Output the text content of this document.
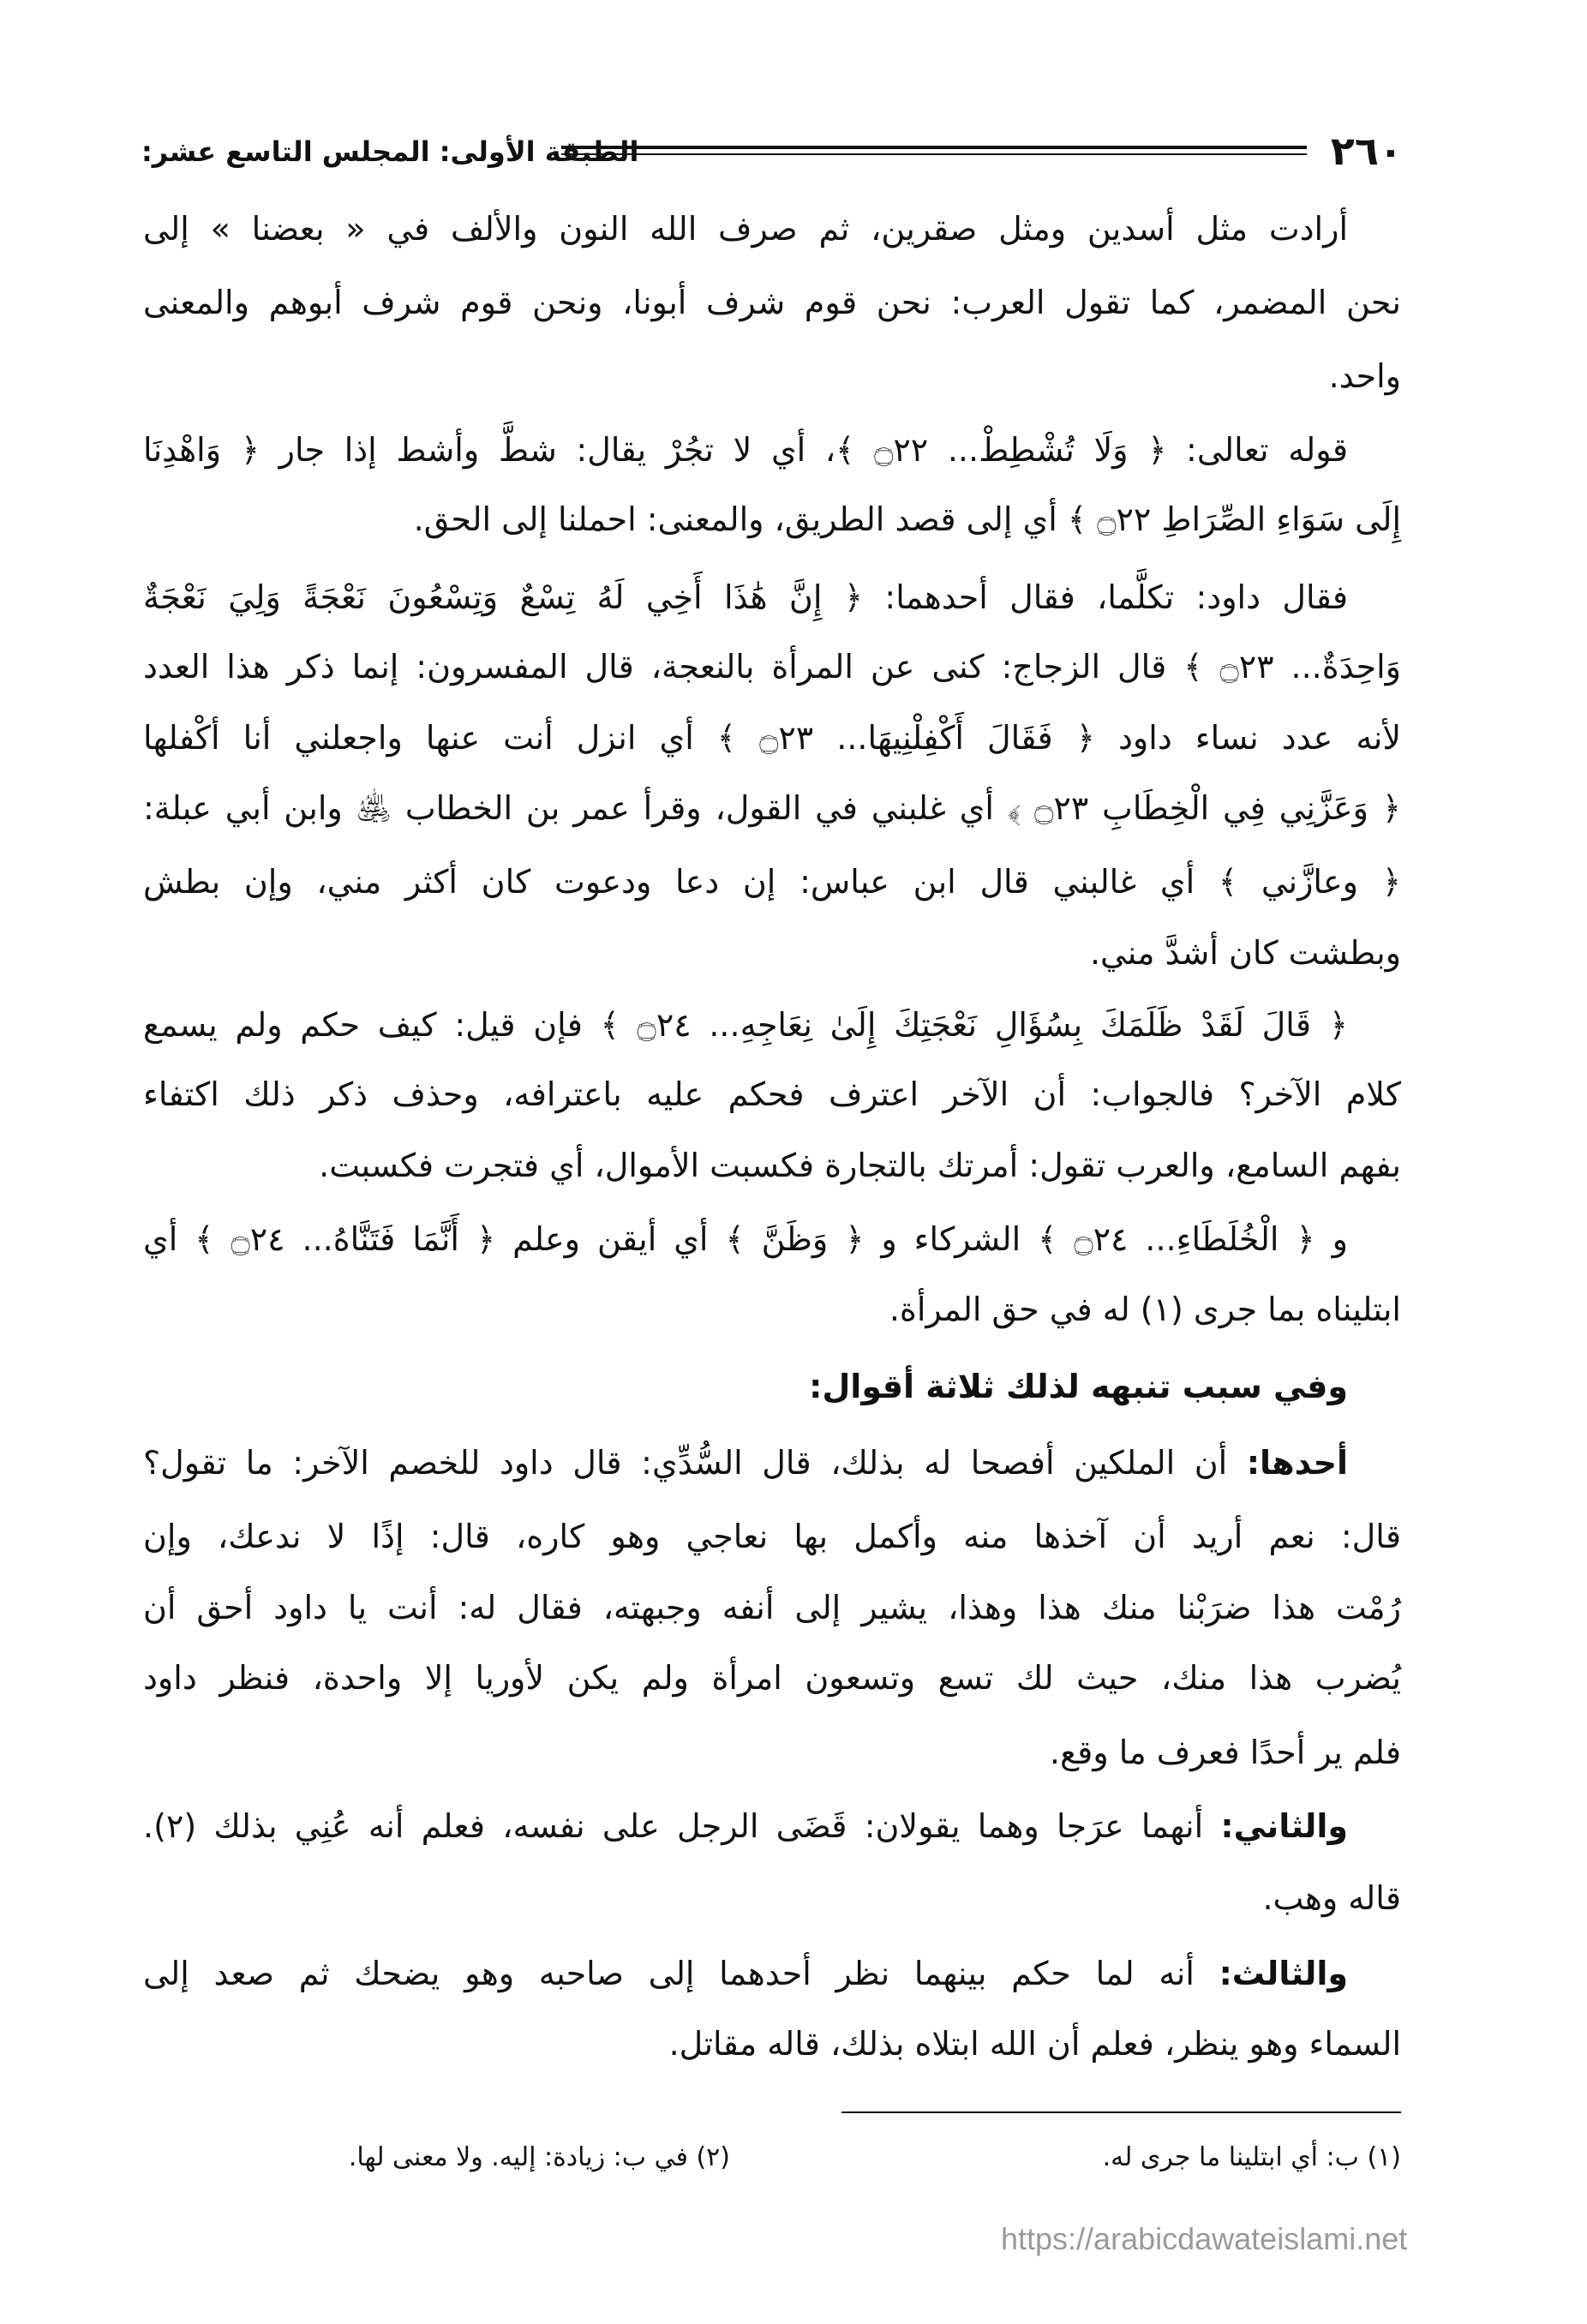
٢٦٠
الطبقة الأولى: المجلس التاسع عشر:
أرادت مثل أسدين ومثل صقرين، ثم صرف الله النون والألف في « بعضنا » إلى
نحن المضمر، كما تقول العرب: نحن قوم شرف أبونا، ونحن قوم شرف أبوهم والمعنى
واحد.
قوله تعالى: ﴿ وَلَا تُشْطِطْ... ۝٢٢ ﴾، أي لا تجُرْ يقال: شطَّ وأشط إذا جار ﴿ وَاهْدِنَا
إِلَى سَوَاءِ الصِّرَاطِ ۝٢٢ ﴾ أي إلى قصد الطريق، والمعنى: احملنا إلى الحق.
فقال داود: تكلَّما، فقال أحدهما: ﴿ إِنَّ هَٰذَا أَخِي لَهُ تِسْعٌ وَتِسْعُونَ نَعْجَةً وَلِيَ نَعْجَةٌ
وَاحِدَةٌ... ۝٢٣ ﴾ قال الزجاج: كنى عن المرأة بالنعجة، قال المفسرون: إنما ذكر هذا العدد
لأنه عدد نساء داود ﴿ فَقَالَ أَكْفِلْنِيهَا... ۝٢٣ ﴾ أي انزل أنت عنها واجعلني أنا أكْفلها
﴿ وَعَزَّنِي فِي الْخِطَابِ ۝٢٣ ﴾ أي غلبني في القول، وقرأ عمر بن الخطاب ﵁ وابن أبي عبلة:
﴿ وعازَّني ﴾ أي غالبني قال ابن عباس: إن دعا ودعوت كان أكثر مني، وإن بطش
وبطشت كان أشدَّ مني.
﴿ قَالَ لَقَدْ ظَلَمَكَ بِسُؤَالِ نَعْجَتِكَ إِلَىٰ نِعَاجِهِ... ۝٢٤ ﴾ فإن قيل: كيف حكم ولم يسمع
كلام الآخر؟ فالجواب: أن الآخر اعترف فحكم عليه باعترافه، وحذف ذكر ذلك اكتفاء
بفهم السامع، والعرب تقول: أمرتك بالتجارة فكسبت الأموال، أي فتجرت فكسبت.
و ﴿ الْخُلَطَاءِ... ۝٢٤ ﴾ الشركاء و ﴿ وَظَنَّ ﴾ أي أيقن وعلم ﴿ أَنَّمَا فَتَنَّاهُ... ۝٢٤ ﴾ أي
ابتليناه بما جرى (١) له في حق المرأة.
وفي سبب تنبهه لذلك ثلاثة أقوال:
أحدها: أن الملكين أفصحا له بذلك، قال السُّدِّي: قال داود للخصم الآخر: ما تقول؟
قال: نعم أريد أن آخذها منه وأكمل بها نعاجي وهو كاره، قال: إذًا لا ندعك، وإن
رُمْت هذا ضرَبْنا منك هذا وهذا، يشير إلى أنفه وجبهته، فقال له: أنت يا داود أحق أن
يُضرب هذا منك، حيث لك تسع وتسعون امرأة ولم يكن لأوريا إلا واحدة، فنظر داود
فلم ير أحدًا فعرف ما وقع.
والثاني: أنهما عرَجا وهما يقولان: قَضَى الرجل على نفسه، فعلم أنه عُنِي بذلك (٢).
قاله وهب.
والثالث: أنه لما حكم بينهما نظر أحدهما إلى صاحبه وهو يضحك ثم صعد إلى
السماء وهو ينظر، فعلم أن الله ابتلاه بذلك، قاله مقاتل.
(١) ب: أي ابتلينا ما جرى له.
(٢) في ب: زيادة: إليه. ولا معنى لها.
https://arabicdawateislami.net
